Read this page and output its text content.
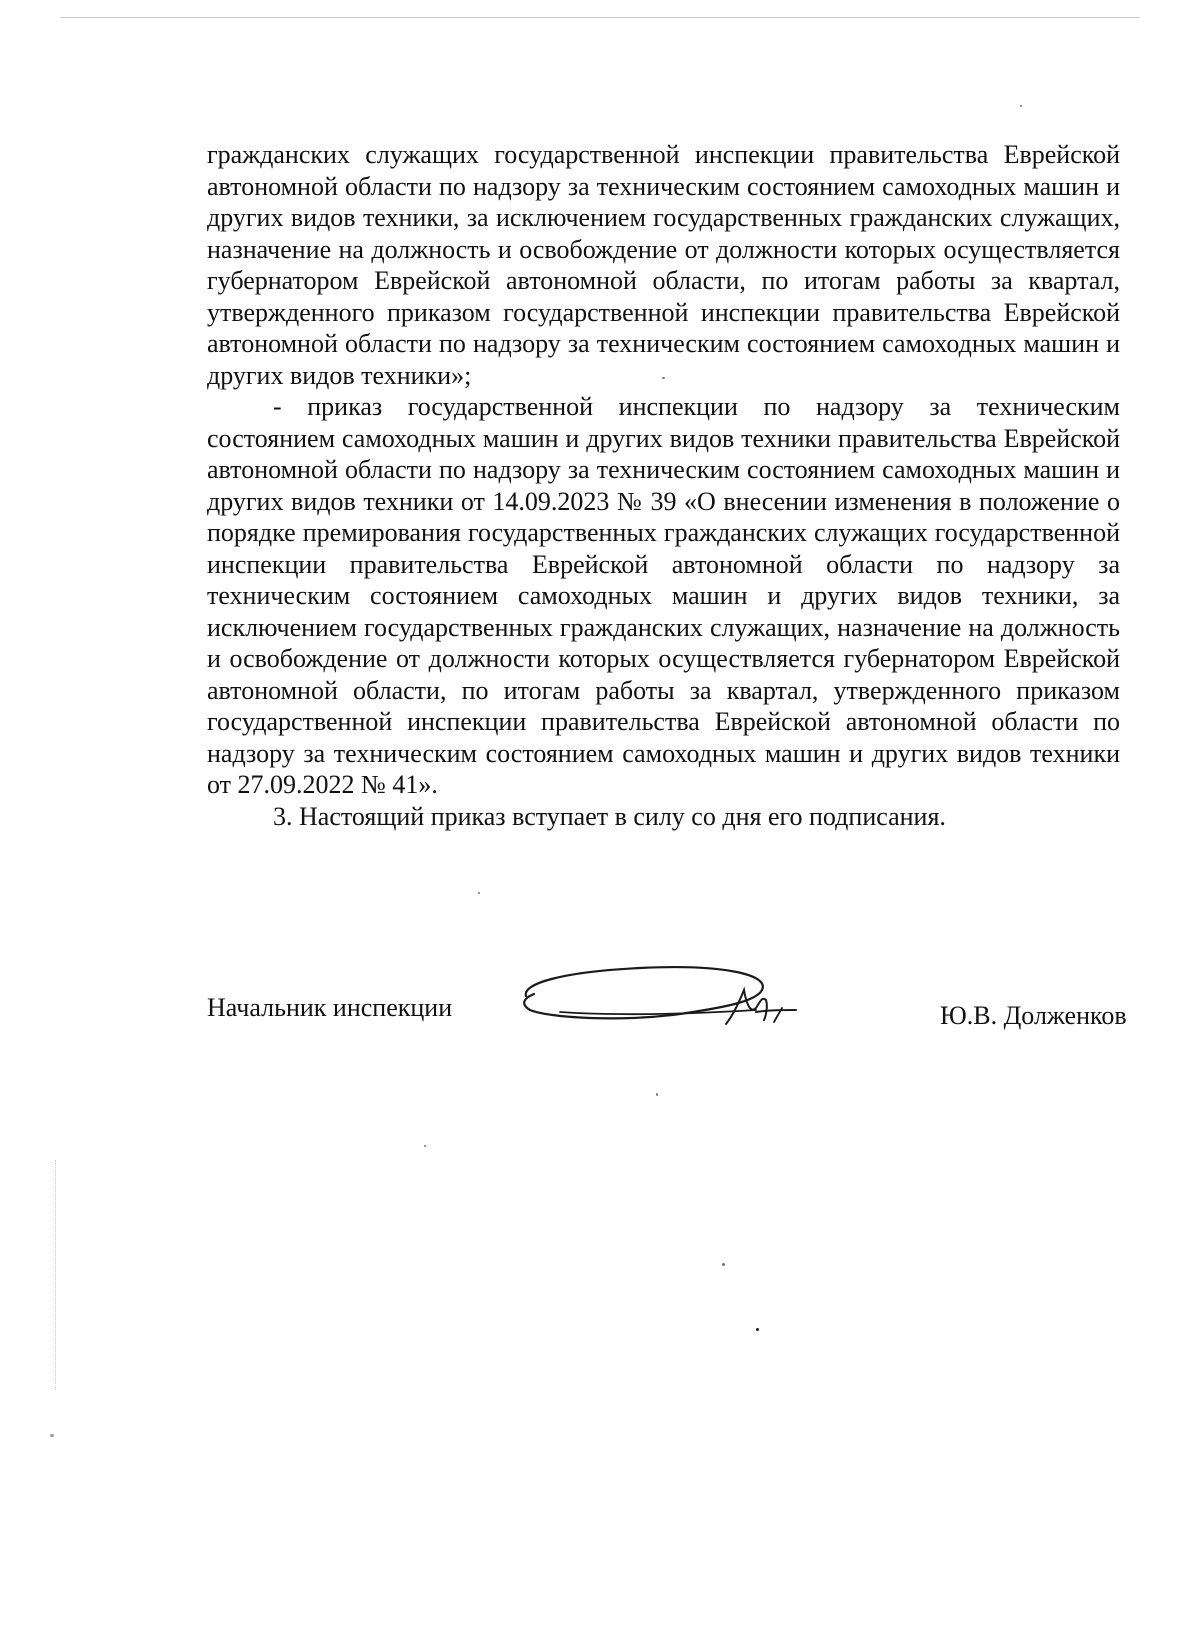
гражданских служащих государственной инспекции правительства Еврейской автономной области по надзору за техническим состоянием самоходных машин и других видов техники, за исключением государственных гражданских служащих, назначение на должность и освобождение от должности которых осуществляется губернатором Еврейской автономной области, по итогам работы за квартал, утвержденного приказом государственной инспекции правительства Еврейской автономной области по надзору за техническим состоянием самоходных машин и других видов техники»;

- приказ государственной инспекции по надзору за техническим состоянием самоходных машин и других видов техники правительства Еврейской автономной области по надзору за техническим состоянием самоходных машин и других видов техники от 14.09.2023 № 39 «О внесении изменения в положение о порядке премирования государственных гражданских служащих государственной инспекции правительства Еврейской автономной области по надзору за техническим состоянием самоходных машин и других видов техники, за исключением государственных гражданских служащих, назначение на должность и освобождение от должности которых осуществляется губернатором Еврейской автономной области, по итогам работы за квартал, утвержденного приказом государственной инспекции правительства Еврейской автономной области по надзору за техническим состоянием самоходных машин и других видов техники от 27.09.2022 № 41».

3. Настоящий приказ вступает в силу со дня его подписания.

Начальник инспекции	Ю.В. Долженков
